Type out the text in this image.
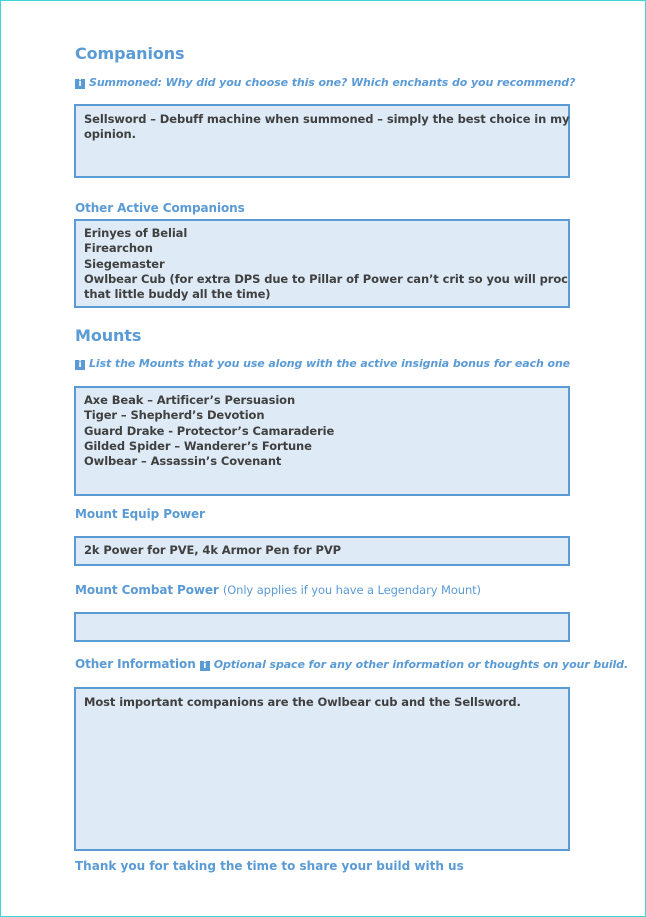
Companions
i Summoned: Why did you choose this one? Which enchants do you recommend?
Sellsword – Debuff machine when summoned – simply the best choice in my
opinion.
Other Active Companions
Erinyes of Belial
Firearchon
Siegemaster
Owlbear Cub (for extra DPS due to Pillar of Power can’t crit so you will proc
that little buddy all the time)
Mounts
i List the Mounts that you use along with the active insignia bonus for each one
Axe Beak – Artificer’s Persuasion
Tiger – Shepherd’s Devotion
Guard Drake - Protector’s Camaraderie
Gilded Spider – Wanderer’s Fortune
Owlbear – Assassin’s Covenant
Mount Equip Power
2k Power for PVE, 4k Armor Pen for PVP
Mount Combat Power (Only applies if you have a Legendary Mount)
Other Information i Optional space for any other information or thoughts on your build.
Most important companions are the Owlbear cub and the Sellsword.
Thank you for taking the time to share your build with us
